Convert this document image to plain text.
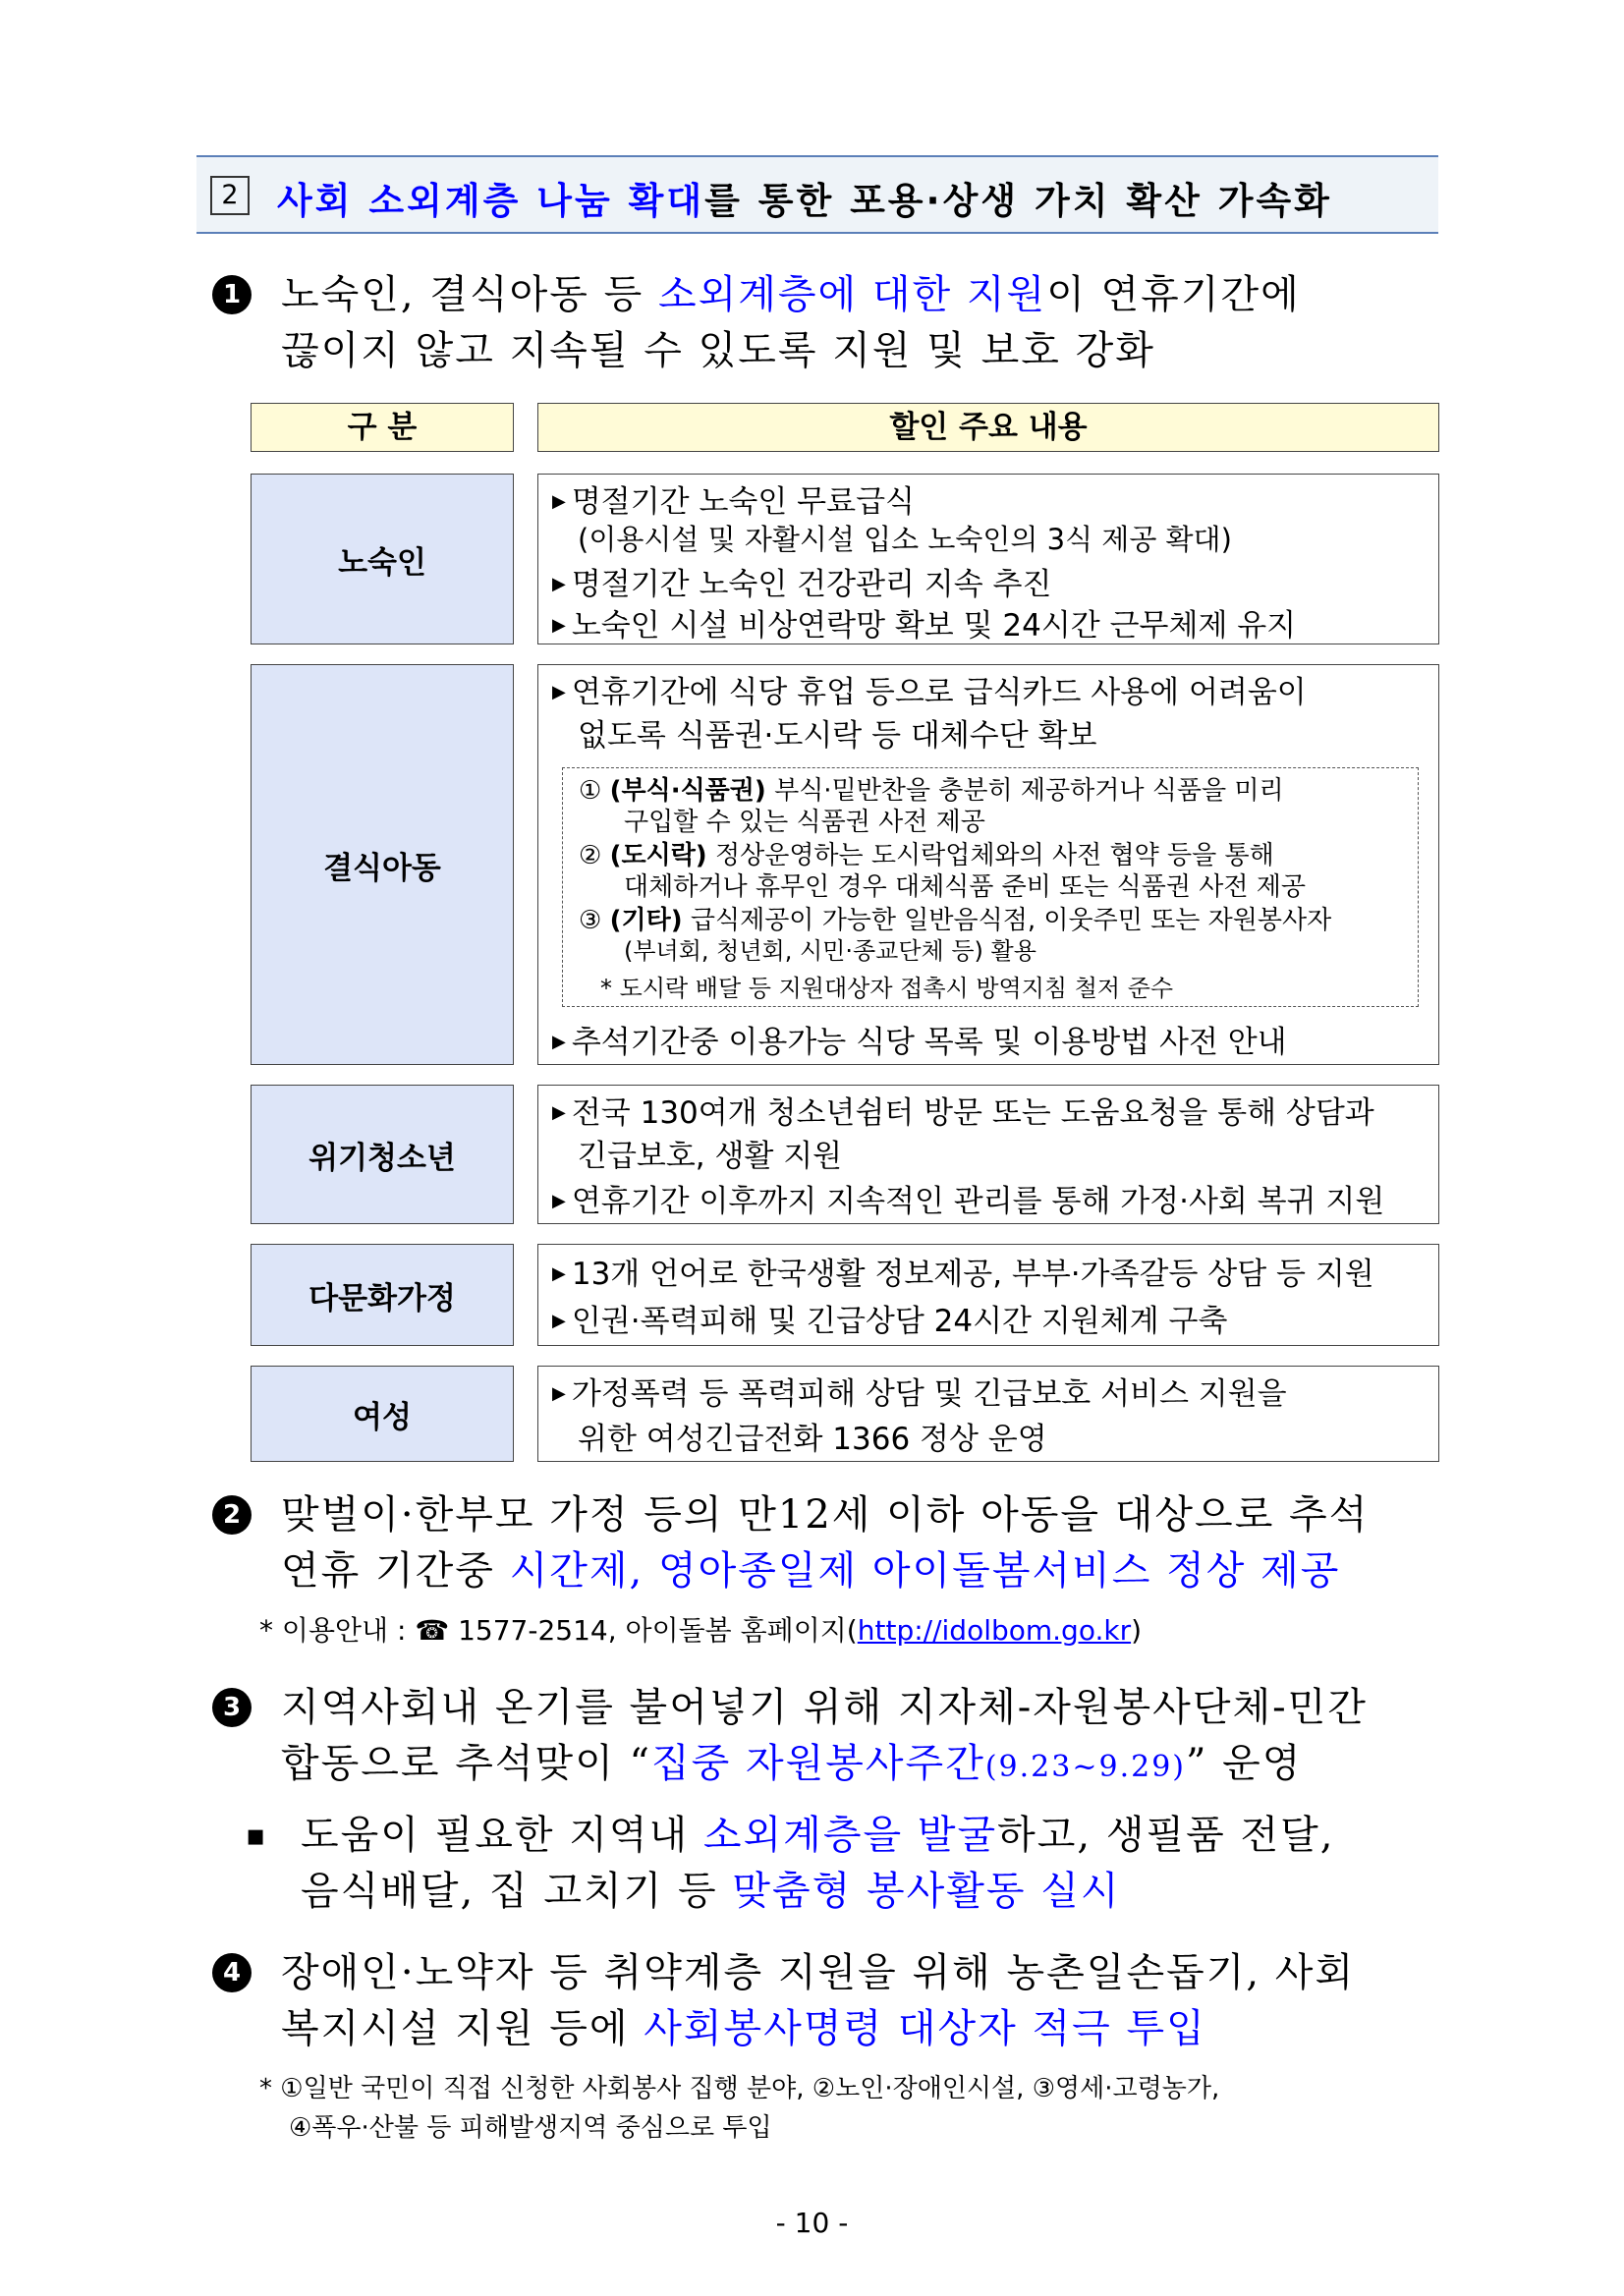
2	사회 소외계층 나눔 확대를 통한 포용·상생 가치 확산 가속화
1 노숙인, 결식아동 등 소외계층에 대한 지원이 연휴기간에
끊이지 않고 지속될 수 있도록 지원 및 보호 강화
구 분	할인 주요 내용
노숙인
▶ 명절기간 노숙인 무료급식
(이용시설 및 자활시설 입소 노숙인의 3식 제공 확대)
▶ 명절기간 노숙인 건강관리 지속 추진
▶ 노숙인 시설 비상연락망 확보 및 24시간 근무체제 유지
결식아동
▶ 연휴기간에 식당 휴업 등으로 급식카드 사용에 어려움이
없도록 식품권·도시락 등 대체수단 확보
① (부식·식품권) 부식·밑반찬을 충분히 제공하거나 식품을 미리
구입할 수 있는 식품권 사전 제공
② (도시락) 정상운영하는 도시락업체와의 사전 협약 등을 통해
대체하거나 휴무인 경우 대체식품 준비 또는 식품권 사전 제공
③ (기타) 급식제공이 가능한 일반음식점, 이웃주민 또는 자원봉사자
(부녀회, 청년회, 시민·종교단체 등) 활용
* 도시락 배달 등 지원대상자 접촉시 방역지침 철저 준수
▶ 추석기간중 이용가능 식당 목록 및 이용방법 사전 안내
위기청소년
▶ 전국 130여개 청소년쉼터 방문 또는 도움요청을 통해 상담과
긴급보호, 생활 지원
▶ 연휴기간 이후까지 지속적인 관리를 통해 가정·사회 복귀 지원
다문화가정
▶ 13개 언어로 한국생활 정보제공, 부부·가족갈등 상담 등 지원
▶ 인권·폭력피해 및 긴급상담 24시간 지원체계 구축
여성
▶ 가정폭력 등 폭력피해 상담 및 긴급보호 서비스 지원을
위한 여성긴급전화 1366 정상 운영
2 맞벌이·한부모 가정 등의 만12세 이하 아동을 대상으로 추석
연휴 기간중 시간제, 영아종일제 아이돌봄서비스 정상 제공
* 이용안내 : ☎ 1577-2514, 아이돌봄 홈페이지(http://idolbom.go.kr)
3 지역사회내 온기를 불어넣기 위해 지자체-자원봉사단체-민간
합동으로 추석맞이 “집중 자원봉사주간(9.23~9.29)” 운영
▪ 도움이 필요한 지역내 소외계층을 발굴하고, 생필품 전달,
음식배달, 집 고치기 등 맞춤형 봉사활동 실시
4 장애인·노약자 등 취약계층 지원을 위해 농촌일손돕기, 사회
복지시설 지원 등에 사회봉사명령 대상자 적극 투입
* ①일반 국민이 직접 신청한 사회봉사 집행 분야, ②노인·장애인시설, ③영세·고령농가,
④폭우·산불 등 피해발생지역 중심으로 투입
- 10 -
